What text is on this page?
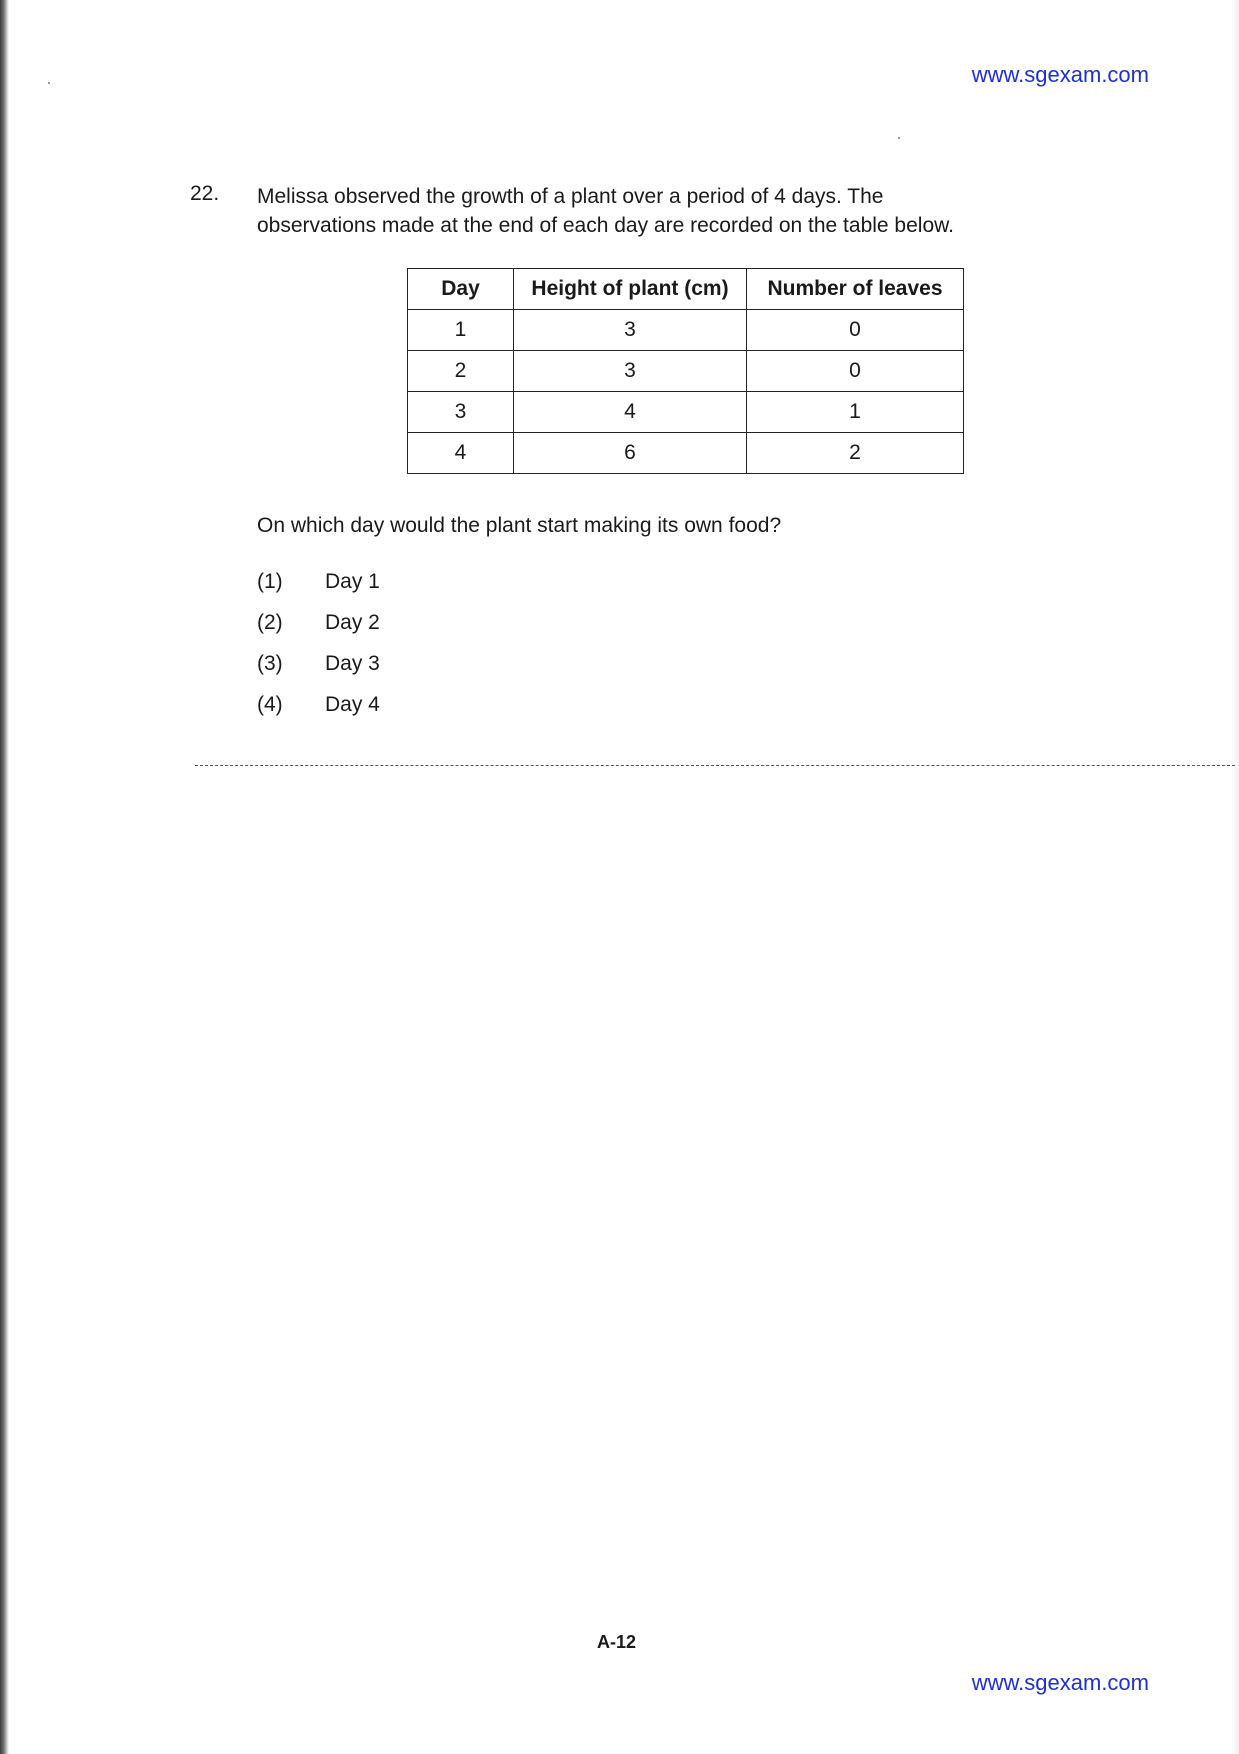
www.sgexam.com
22. Melissa observed the growth of a plant over a period of 4 days. The
observations made at the end of each day are recorded on the table below.
Day	Height of plant (cm)	Number of leaves
1	3	0
2	3	0
3	4	1
4	6	2
On which day would the plant start making its own food?
(1)	Day 1
(2)	Day 2
(3)	Day 3
(4)	Day 4
A-12
www.sgexam.com
